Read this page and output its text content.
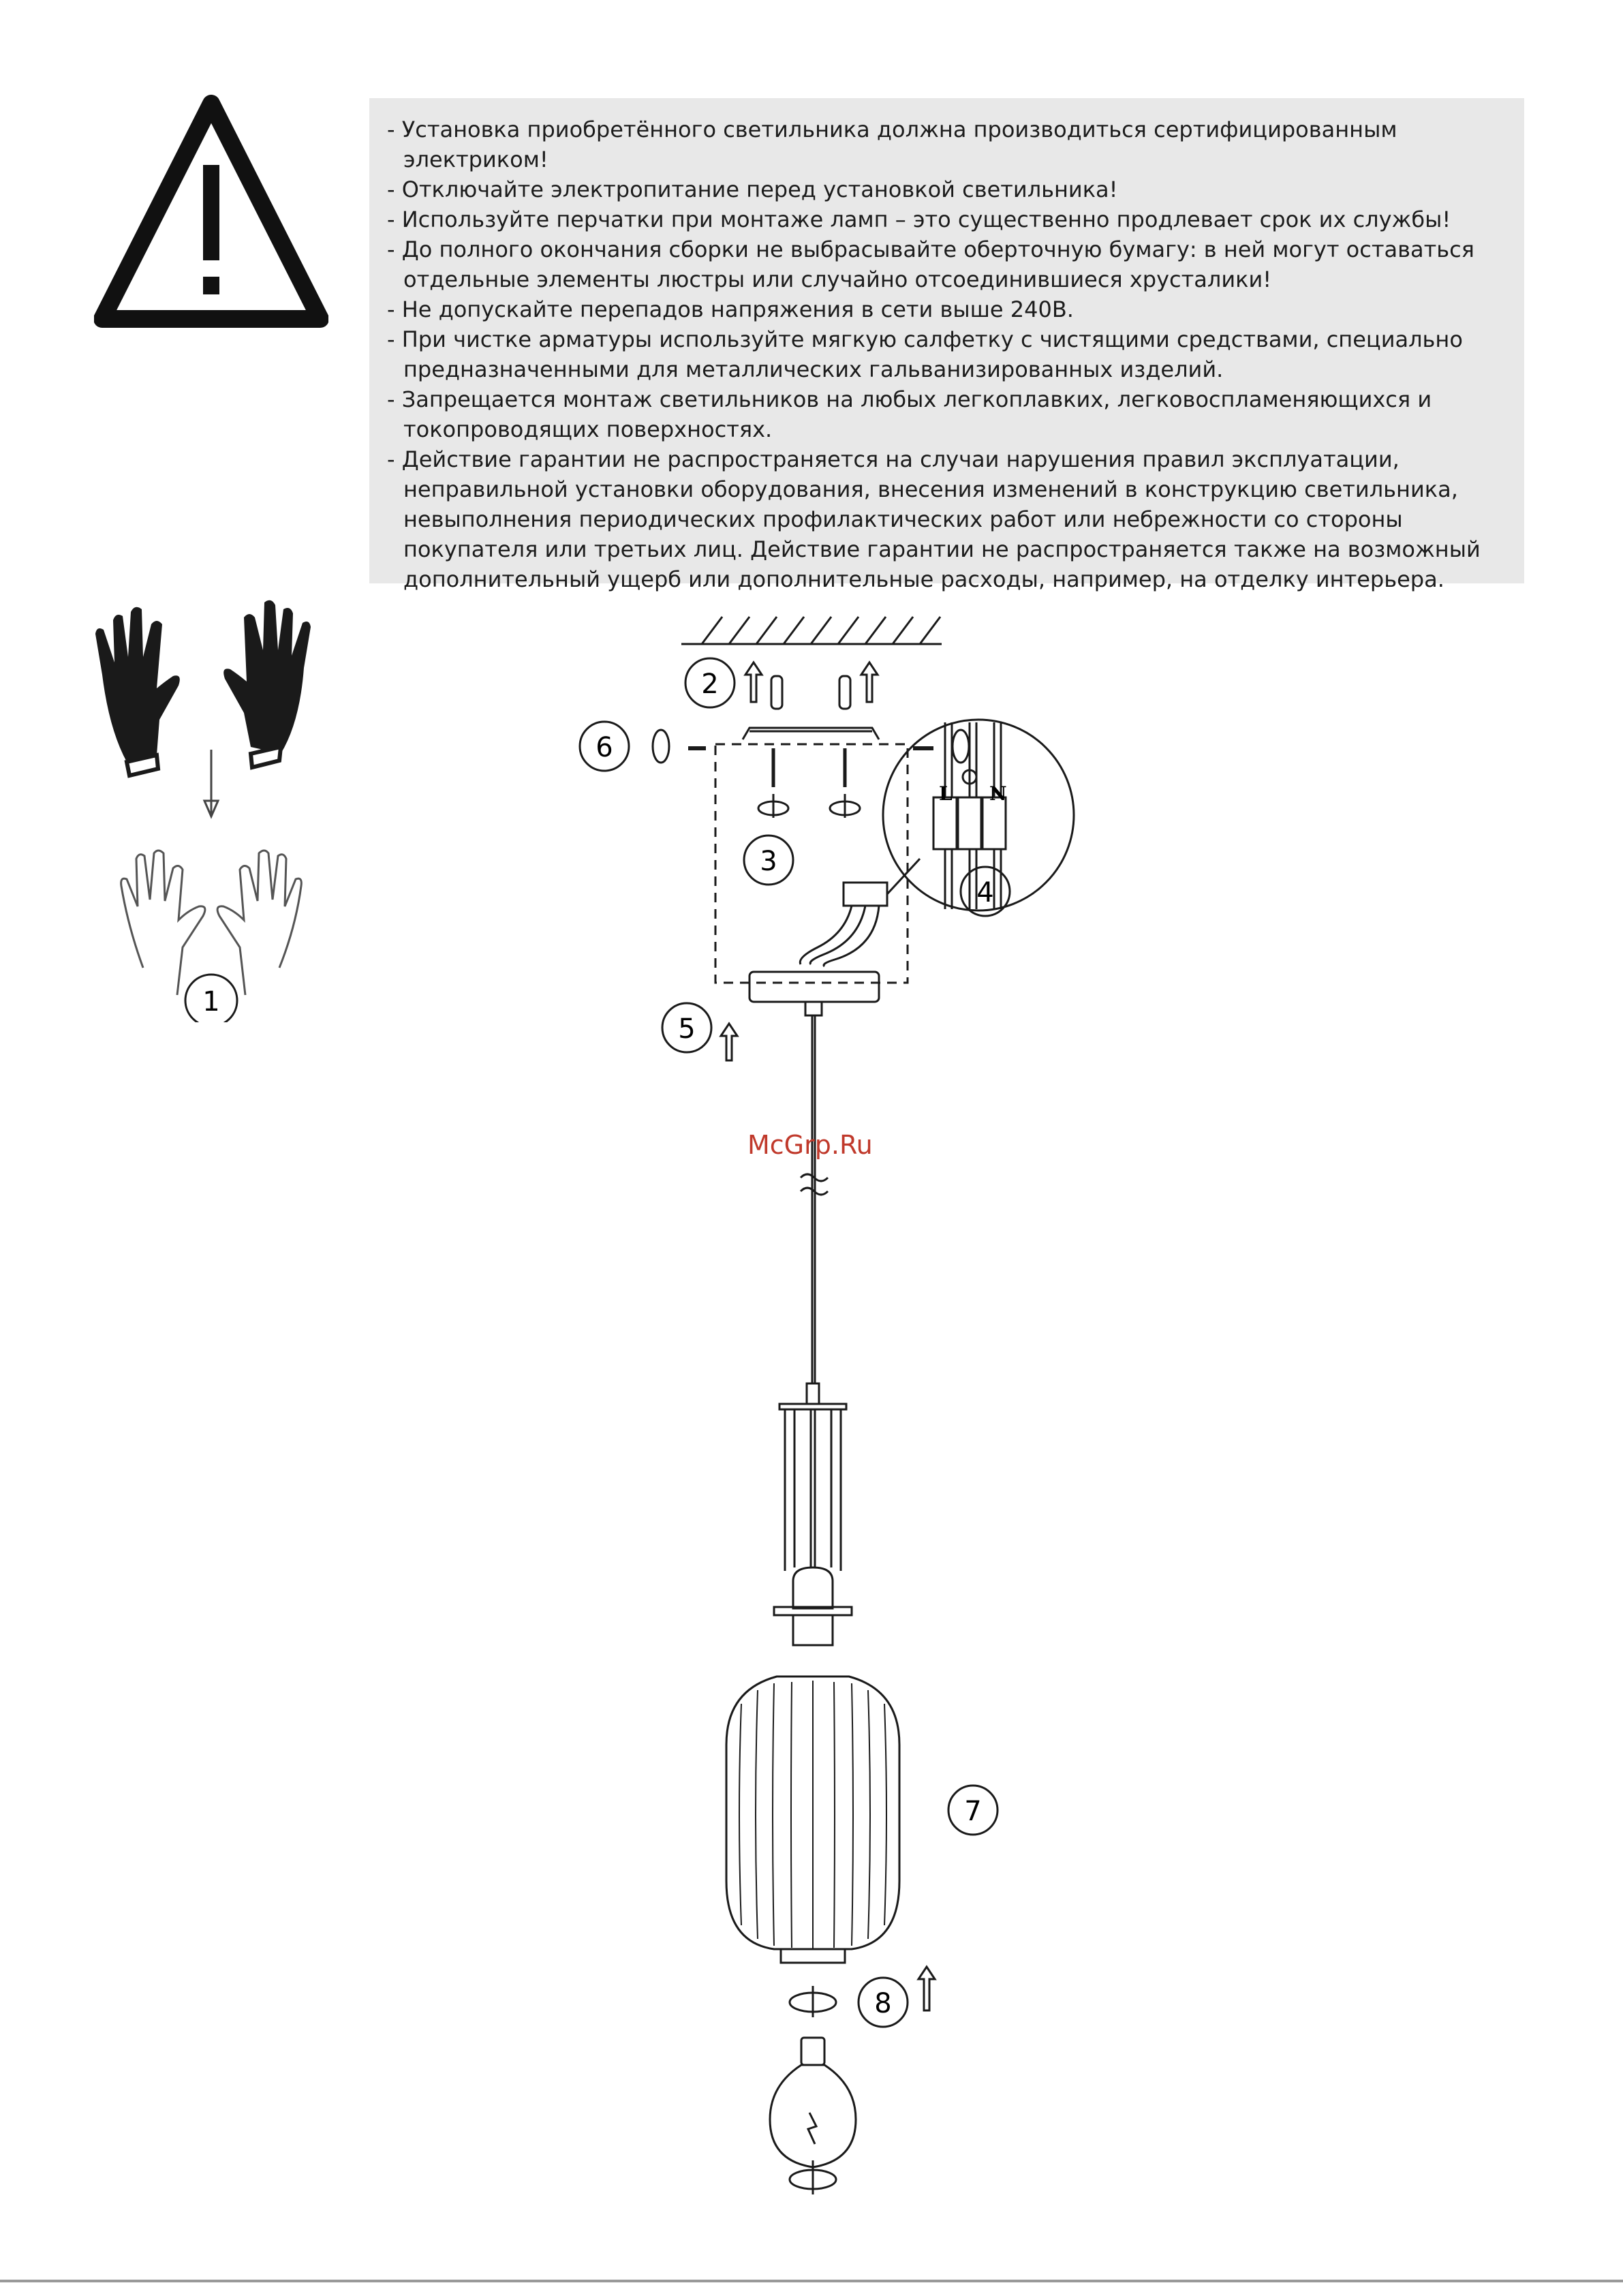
- Установка приобретённого светильника должна производиться сертифицированным электриком!
- Отключайте электропитание перед установкой светильника!
- Используйте перчатки при монтаже ламп – это существенно продлевает срок их службы!
- До полного окончания сборки не выбрасывайте оберточную бумагу: в ней могут оставаться отдельные элементы люстры или случайно отсоединившиеся хрусталики!
- Не допускайте перепадов напряжения в сети выше 240В.
- При чистке арматуры используйте мягкую салфетку с чистящими средствами, специально предназначенными для металлических гальванизированных изделий.
- Запрещается монтаж светильников на любых легкоплавких, легковоспламеняющихся и токопроводящих поверхностях.
- Действие гарантии не распространяется на случаи нарушения правил эксплуатации, неправильной установки оборудования, внесения изменений в конструкцию светильника, невыполнения периодических профилактических работ или небрежности со стороны покупателя или третьих лиц. Действие гарантии не распространяется также на возможный дополнительный ущерб или дополнительные расходы, например, на отделку интерьера.
1
2
3
4
5
6
7
8
L N
McGrp.Ru
